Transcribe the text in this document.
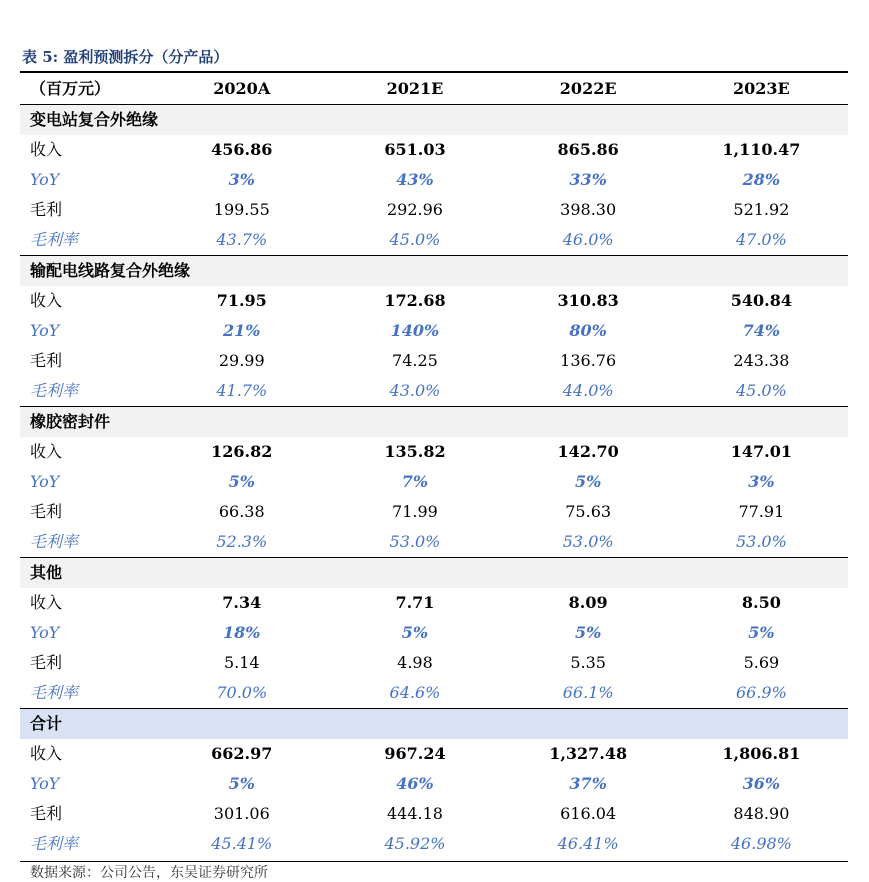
表 5: 盈利预测拆分（分产品）
（百万元）	2020A	2021E	2022E	2023E
变电站复合外绝缘				
收入	456.86	651.03	865.86	1,110.47
YoY	3%	43%	33%	28%
毛利	199.55	292.96	398.30	521.92
毛利率	43.7%	45.0%	46.0%	47.0%
输配电线路复合外绝缘				
收入	71.95	172.68	310.83	540.84
YoY	21%	140%	80%	74%
毛利	29.99	74.25	136.76	243.38
毛利率	41.7%	43.0%	44.0%	45.0%
橡胶密封件				
收入	126.82	135.82	142.70	147.01
YoY	5%	7%	5%	3%
毛利	66.38	71.99	75.63	77.91
毛利率	52.3%	53.0%	53.0%	53.0%
其他				
收入	7.34	7.71	8.09	8.50
YoY	18%	5%	5%	5%
毛利	5.14	4.98	5.35	5.69
毛利率	70.0%	64.6%	66.1%	66.9%
合计				
收入	662.97	967.24	1,327.48	1,806.81
YoY	5%	46%	37%	36%
毛利	301.06	444.18	616.04	848.90
毛利率	45.41%	45.92%	46.41%	46.98%
数据来源：公司公告，东吴证券研究所
